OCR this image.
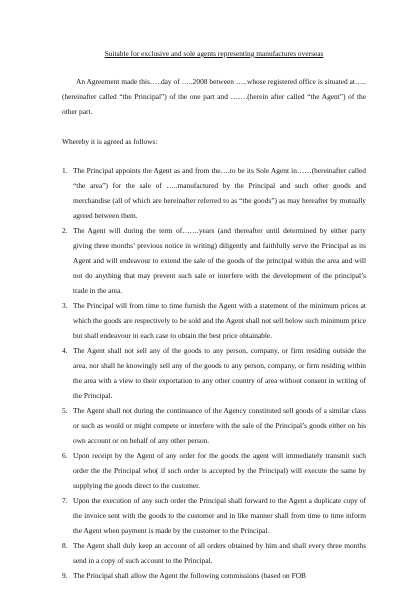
Suitable for exclusive and sole agents representing manufactures overseas
An Agreement made this…..day of …..2008 between …..whose registered office is situated at…..(hereinafter called “the Principal”) of the one part and …….(herein after called “the Agent”) of the other part.
Whereby it is agreed as follows:
1. The Principal appoints the Agent as and from the….to be its Sole Agent in……(hereinafter called “the area”) for the sale of …..manufactured by the Principal and such other goods and merchandise (all of which are hereinafter referred to as “the goods”) as may hereafter by mutually agreed between them.
2. The Agent will during the term of…….years (and thereafter until determined by either party giving three months’ previous notice in writing) diligently and faithfully serve the Principal as its Agent and will endeavour to extend the sale of the goods of the principal within the area and will not do anything that may prevent such sale or interfere with the development of the principal’s trade in the area.
3. The Principal will from time to time furnish the Agent with a statement of the minimum prices at which the goods are respectively to be sold and the Agent shall not sell below such minimum price but shall endeavour in each case to obtain the best price obtainable.
4. The Agent shall not sell any of the goods to any person, company, or firm residing outside the area, nor shall he knowingly sell any of the goods to any person, company, or firm residing within the area with a view to their exportation to any other country of area without consent in writing of the Principal.
5. The Agent shall not during the continuance of the Agency constituted sell goods of a similar class or such as would or might compete or interfere with the sale of the Principal’s goods either on his own account or on behalf of any other person.
6. Upon receipt by the Agent of any order for the goods the agent will immediately transmit such order the the Principal who( if such order is accepted by the Principal) will execute the same by supplying the goods direct to the customer.
7. Upon the execution of any such order the Principal shall forward to the Agent a duplicate copy of the invoice sent with the goods to the customer and in like manner shall from time to time inform the Agent when payment is made by the customer to the Principal.
8. The Agent shall duly keep an account of all orders obtained by him and shall every three months send in a copy of such account to the Principal.
9. The Principal shall allow the Agent the following commissions (based on FOB
